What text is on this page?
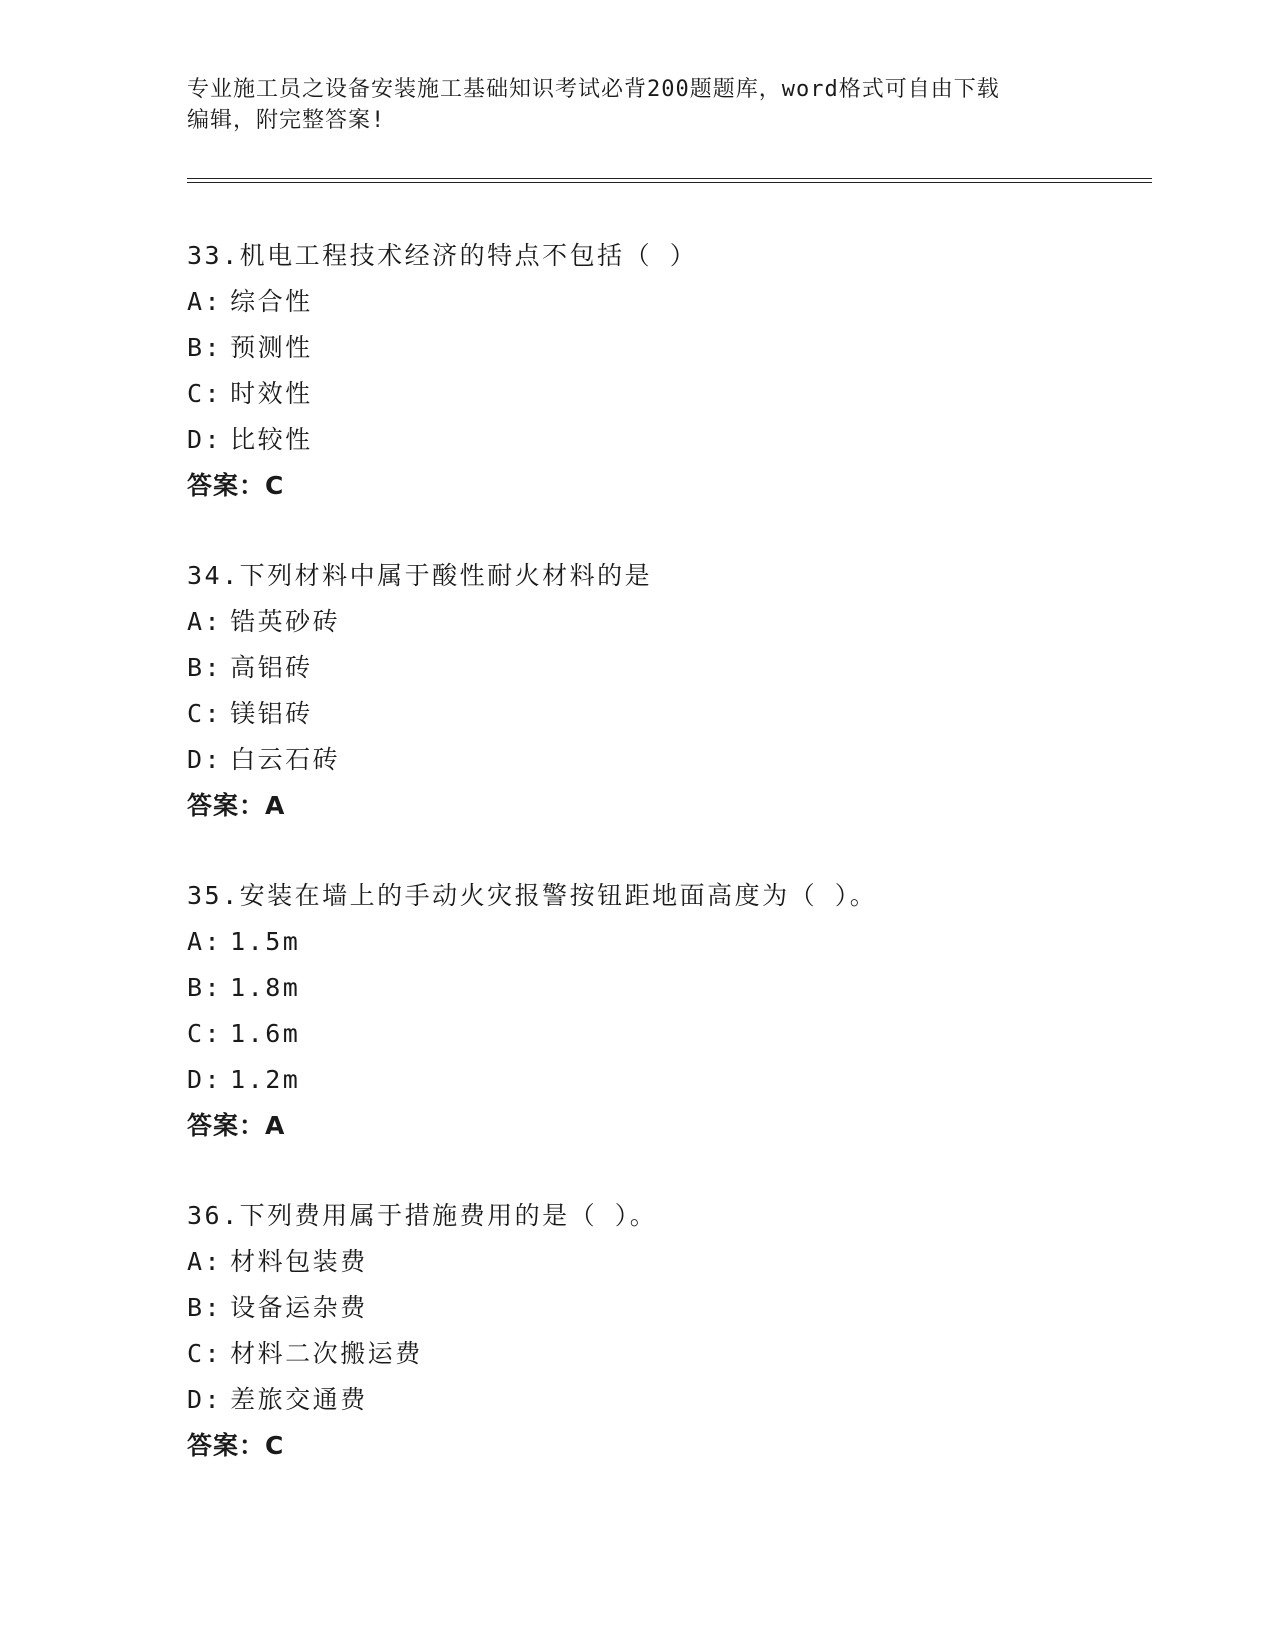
专业施工员之设备安装施工基础知识考试必背200题题库，word格式可自由下载
编辑，附完整答案!
33.机电工程技术经济的特点不包括（ ）
A: 综合性
B: 预测性
C: 时效性
D: 比较性
答案：C
34.下列材料中属于酸性耐火材料的是
A: 锆英砂砖
B: 高铝砖
C: 镁铝砖
D: 白云石砖
答案：A
35.安装在墙上的手动火灾报警按钮距地面高度为（ ）。
A: 1.5m
B: 1.8m
C: 1.6m
D: 1.2m
答案：A
36.下列费用属于措施费用的是（ ）。
A: 材料包装费
B: 设备运杂费
C: 材料二次搬运费
D: 差旅交通费
答案：C
